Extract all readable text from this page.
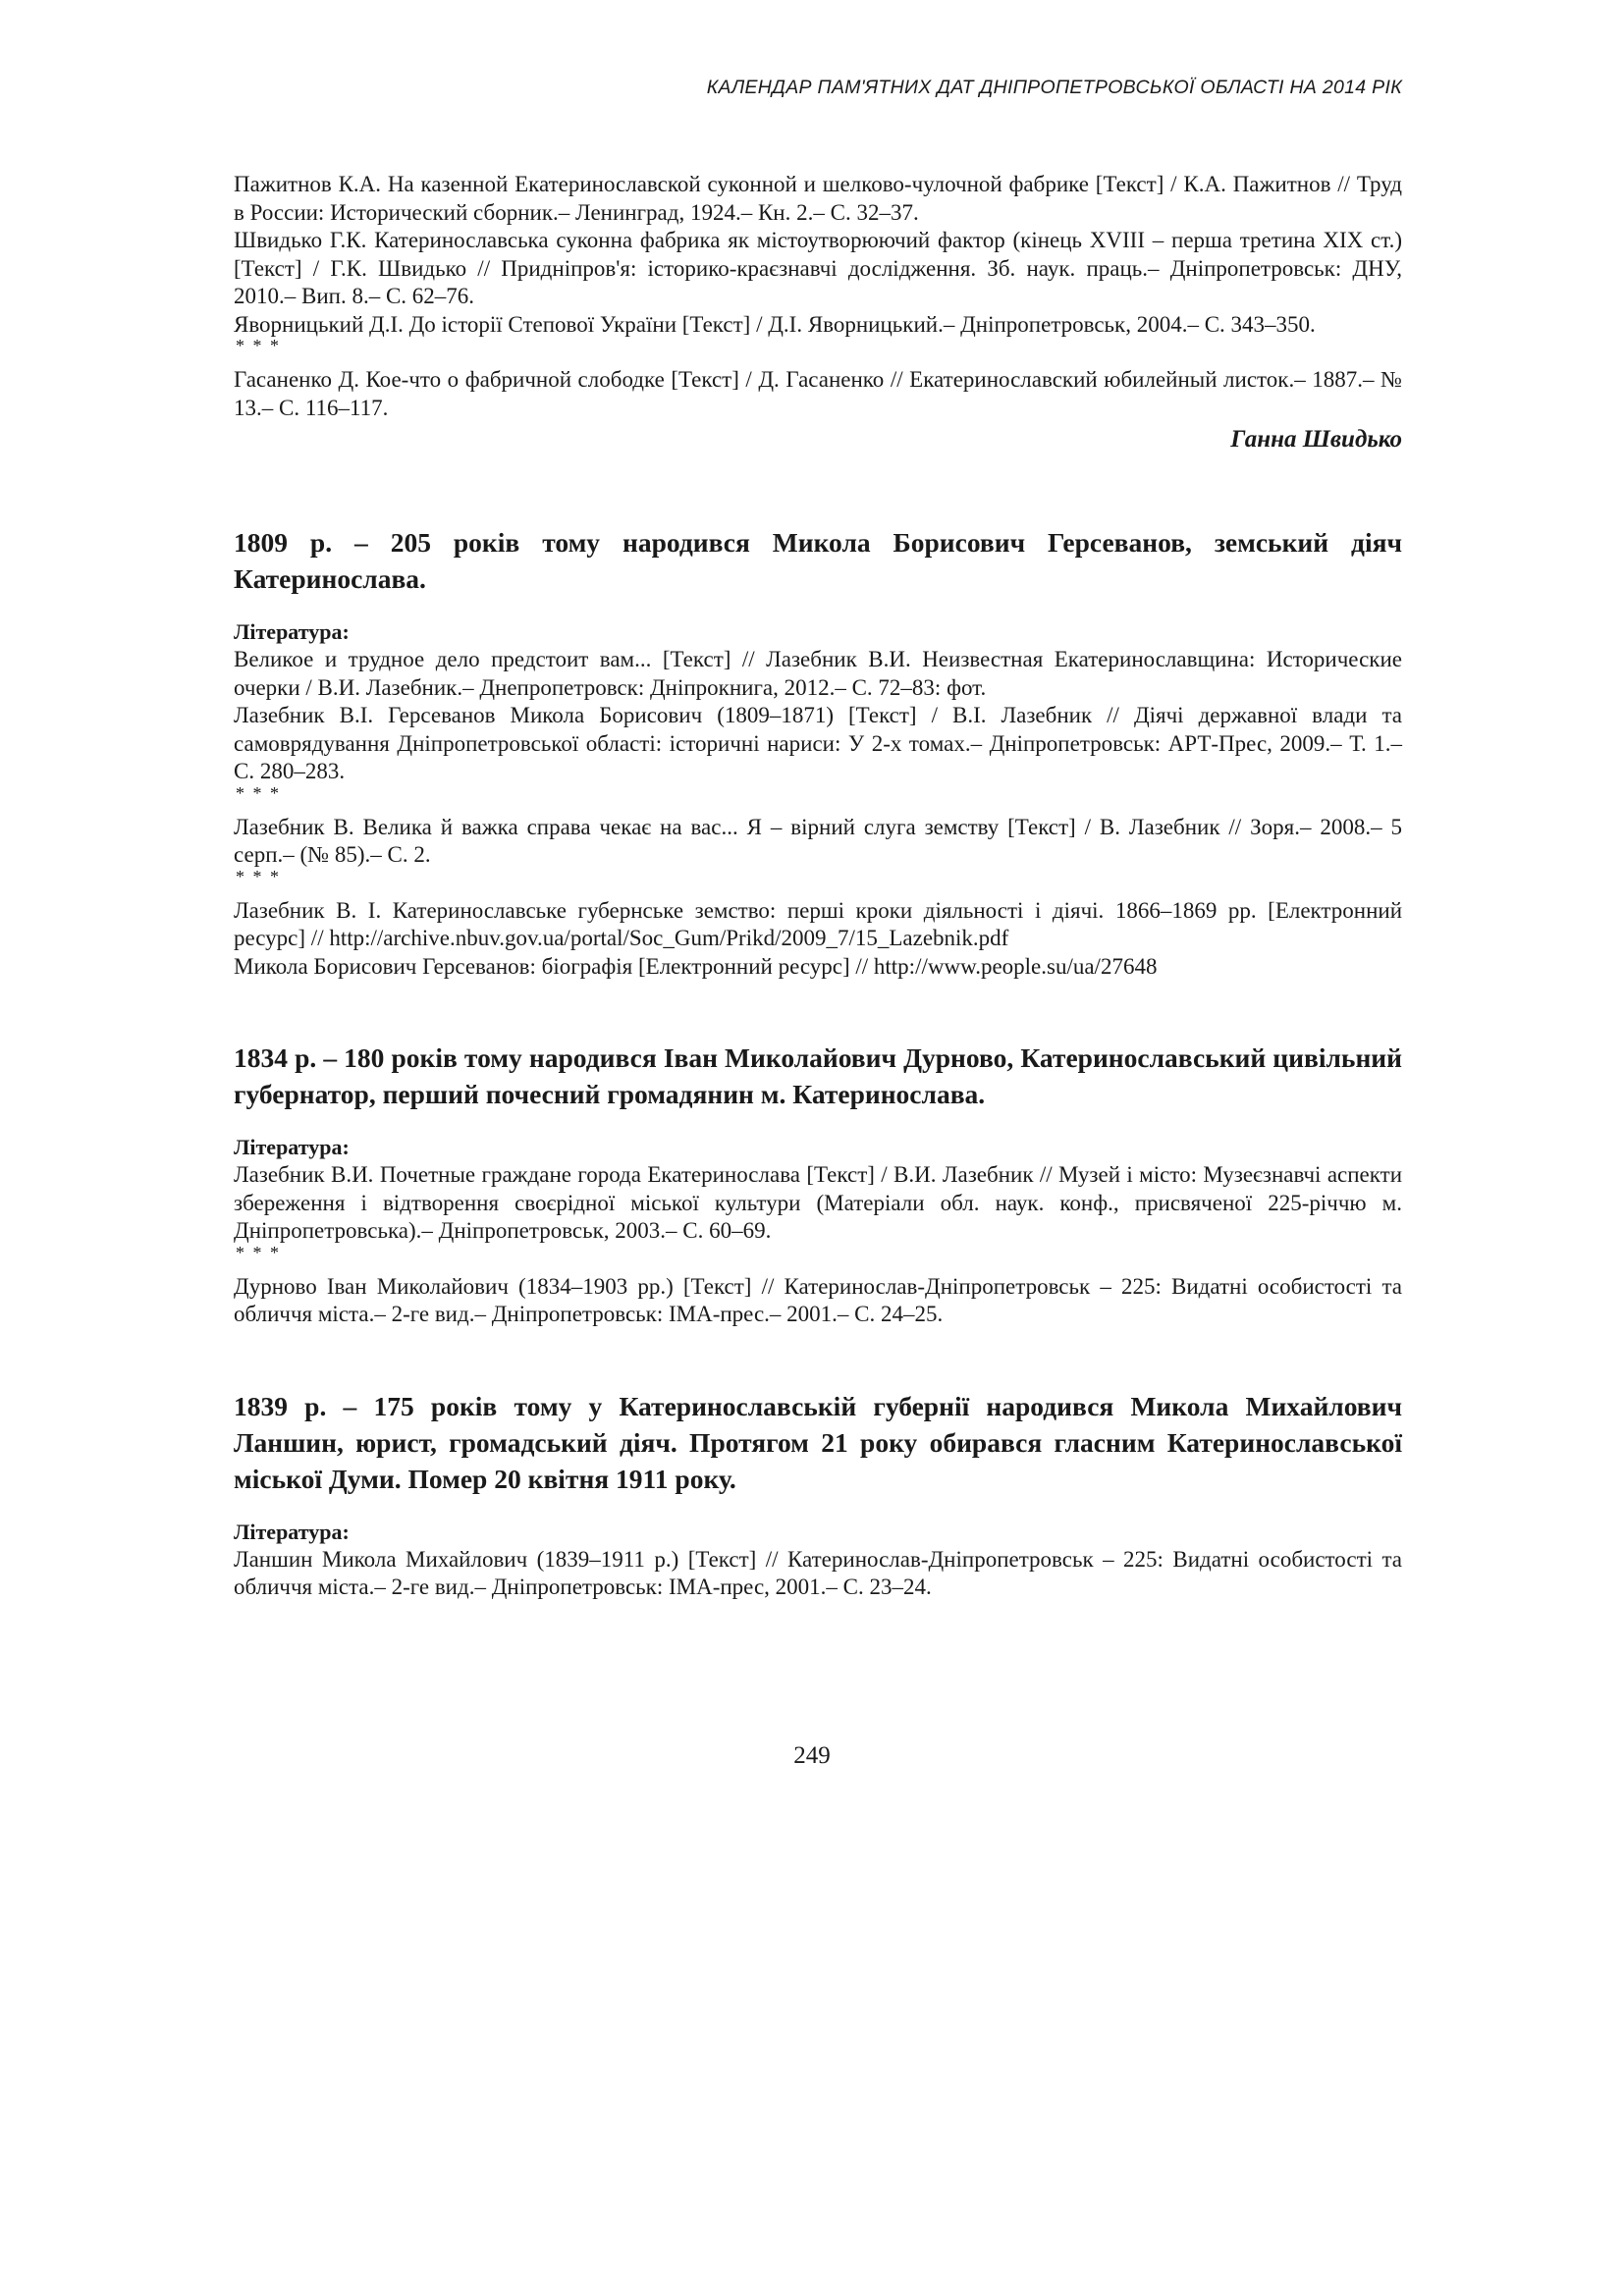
КАЛЕНДАР ПАМ'ЯТНИХ ДАТ ДНІПРОПЕТРОВСЬКОЇ ОБЛАСТІ НА 2014 РІК

Пажитнов К.А. На казенной Екатеринославской суконной и шелково-чулочной фабрике [Текст] / К.А. Пажитнов // Труд в России: Исторический сборник.– Ленинград, 1924.– Кн. 2.– С. 32–37.

Швидько Г.К. Катеринославська суконна фабрика як містоутворюючий фактор (кінець XVIII – перша третина XIX ст.) [Текст] / Г.К. Швидько // Придніпров'я: історико-краєзнавчі дослідження. Зб. наук. праць.– Дніпропетровськ: ДНУ, 2010.– Вип. 8.– С. 62–76.

Яворницький Д.І. До історії Степової України [Текст] / Д.І. Яворницький.– Дніпропетровськ, 2004.– С. 343–350.

* * *

Гасаненко Д. Кое-что о фабричной слободке [Текст] / Д. Гасаненко // Екатеринославский юбилейный листок.– 1887.– № 13.– С. 116–117.

Ганна Швидько

1809 р. – 205 років тому народився Микола Борисович Герсеванов, земський діяч Катеринослава.

Література:

Великое и трудное дело предстоит вам... [Текст] // Лазебник В.И. Неизвестная Екатеринославщина: Исторические очерки / В.И. Лазебник.– Днепропетровск: Дніпрокнига, 2012.– С. 72–83: фот.

Лазебник В.І. Герсеванов Микола Борисович (1809–1871) [Текст] / В.І. Лазебник // Діячі державної влади та самоврядування Дніпропетровської області: історичні нариси: У 2-х томах.– Дніпропетровськ: АРТ-Прес, 2009.– Т. 1.– С. 280–283.

* * *

Лазебник В. Велика й важка справа чекає на вас... Я – вірний слуга земству [Текст] / В. Лазебник // Зоря.– 2008.– 5 серп.– (№ 85).– С. 2.

* * *

Лазебник В. І. Катеринославське губернське земство: перші кроки діяльності і діячі. 1866–1869 рр. [Електронний ресурс] // http://archive.nbuv.gov.ua/portal/Soc_Gum/Prikd/2009_7/15_Lazebnik.pdf

Микола Борисович Герсеванов: біографія [Електронний ресурс] // http://www.people.su/ua/27648

1834 р. – 180 років тому народився Іван Миколайович Дурново, Катеринославський цивільний губернатор, перший почесний громадянин м. Катеринослава.

Література:

Лазебник В.И. Почетные граждане города Екатеринослава [Текст] / В.И. Лазебник // Музей і місто: Музеєзнавчі аспекти збереження і відтворення своєрідної міської культури (Матеріали обл. наук. конф., присвяченої 225-річчю м. Дніпропетровська).– Дніпропетровськ, 2003.– С. 60–69.

* * *

Дурново Іван Миколайович (1834–1903 рр.) [Текст] // Катеринослав-Дніпропетровськ – 225: Видатні особистості та обличчя міста.– 2-ге вид.– Дніпропетровськ: ІМА-прес.– 2001.– С. 24–25.

1839 р. – 175 років тому у Катеринославській губернії народився Микола Михайлович Ланшин, юрист, громадський діяч. Протягом 21 року обирався гласним Катеринославської міської Думи. Помер 20 квітня 1911 року.

Література:

Ланшин Микола Михайлович (1839–1911 р.) [Текст] // Катеринослав-Дніпропетровськ – 225: Видатні особистості та обличчя міста.– 2-ге вид.– Дніпропетровськ: ІМА-прес, 2001.– С. 23–24.

249
